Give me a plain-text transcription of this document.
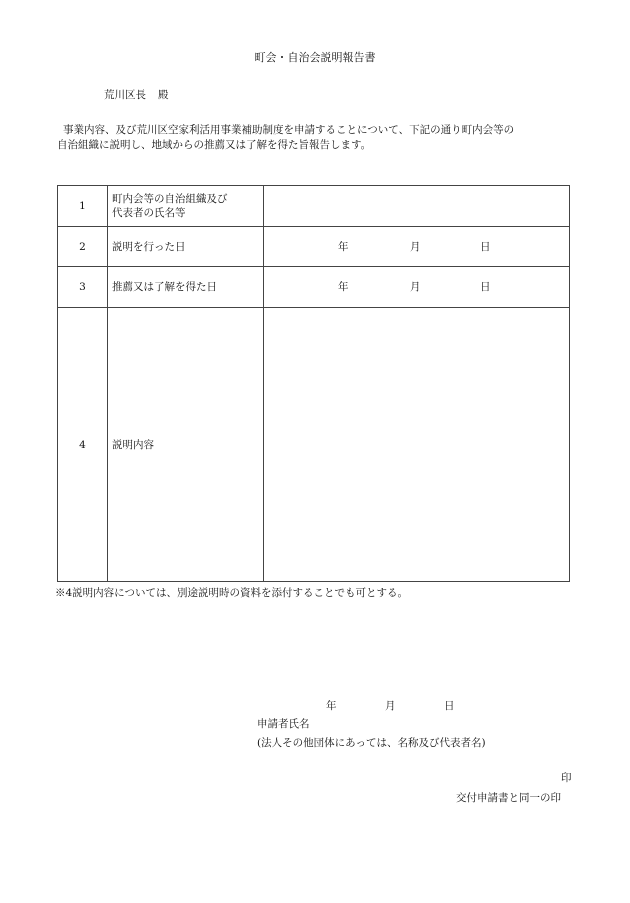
町会・自治会説明報告書
荒川区長 殿
事業内容、及び荒川区空家利活用事業補助制度を申請することについて、下記の通り町内会等の
自治組織に説明し、地域からの推薦又は了解を得た旨報告します。
1	町内会等の自治組織及び
代表者の氏名等	

2	説明を行った日	年 月 日

3	推薦又は了解を得た日	年 月 日

4	説明内容	
※4説明内容については、別途説明時の資料を添付することでも可とする。
年	月	日
申請者氏名
(法人その他団体にあっては、名称及び代表者名)
印
交付申請書と同一の印
